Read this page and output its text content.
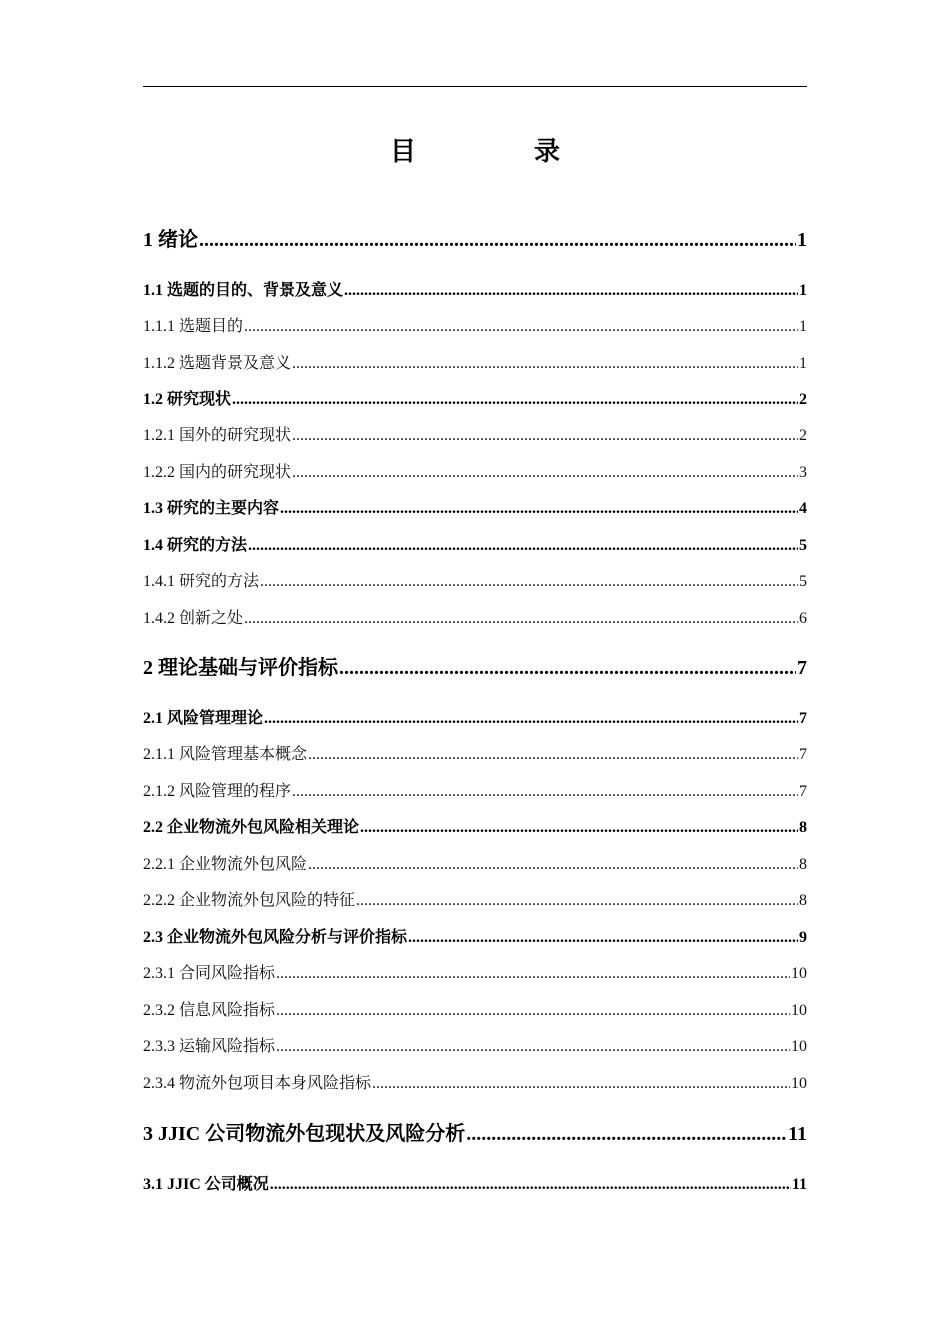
目　录
1 绪论 .....	1
1.1 选题的目的、背景及意义 .....	1
1.1.1 选题目的 .....	1
1.1.2 选题背景及意义 .....	1
1.2 研究现状 .....	2
1.2.1 国外的研究现状 .....	2
1.2.2 国内的研究现状 .....	3
1.3 研究的主要内容 .....	4
1.4 研究的方法 .....	5
1.4.1 研究的方法 .....	5
1.4.2 创新之处 .....	6
2 理论基础与评价指标 .....	7
2.1 风险管理理论 .....	7
2.1.1 风险管理基本概念 .....	7
2.1.2 风险管理的程序 .....	7
2.2 企业物流外包风险相关理论 .....	8
2.2.1 企业物流外包风险 .....	8
2.2.2 企业物流外包风险的特征 .....	8
2.3 企业物流外包风险分析与评价指标 .....	9
2.3.1 合同风险指标 .....	10
2.3.2 信息风险指标 .....	10
2.3.3 运输风险指标 .....	10
2.3.4 物流外包项目本身风险指标 .....	10
3 JJIC 公司物流外包现状及风险分析 .....	11
3.1 JJIC 公司概况 .....	11
